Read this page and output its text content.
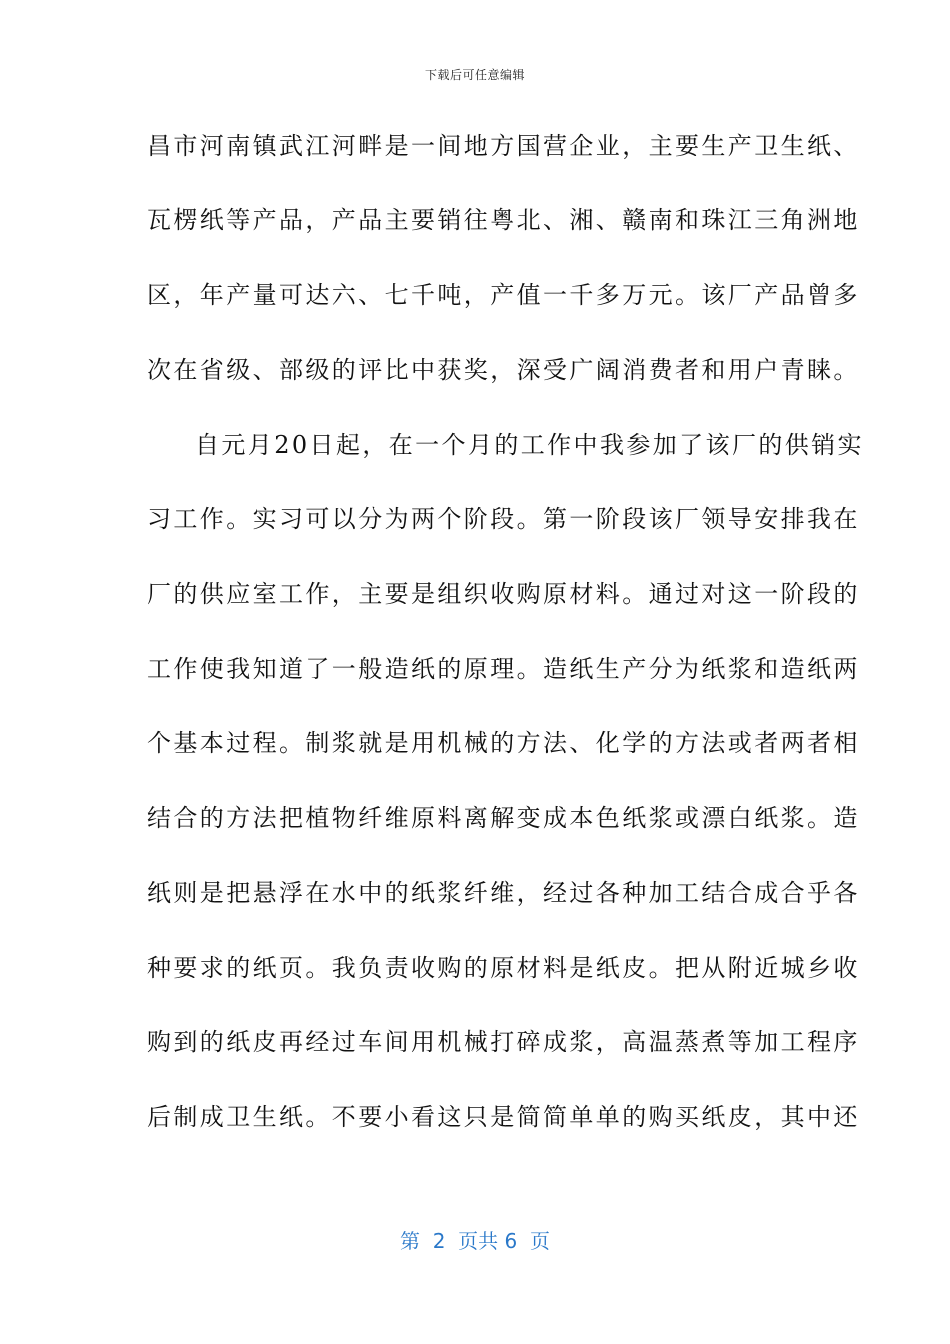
下载后可任意编辑
昌市河南镇武江河畔是一间地方国营企业，主要生产卫生纸、
瓦楞纸等产品，产品主要销往粤北、湘、赣南和珠江三角洲地
区，年产量可达六、七千吨，产值一千多万元。该厂产品曾多
次在省级、部级的评比中获奖，深受广阔消费者和用户青睐。
自元月20日起，在一个月的工作中我参加了该厂的供销实
习工作。实习可以分为两个阶段。第一阶段该厂领导安排我在
厂的供应室工作，主要是组织收购原材料。通过对这一阶段的
工作使我知道了一般造纸的原理。造纸生产分为纸浆和造纸两
个基本过程。制浆就是用机械的方法、化学的方法或者两者相
结合的方法把植物纤维原料离解变成本色纸浆或漂白纸浆。造
纸则是把悬浮在水中的纸浆纤维，经过各种加工结合成合乎各
种要求的纸页。我负责收购的原材料是纸皮。把从附近城乡收
购到的纸皮再经过车间用机械打碎成浆，高温蒸煮等加工程序
后制成卫生纸。不要小看这只是简简单单的购买纸皮，其中还
第  2  页共 6  页
